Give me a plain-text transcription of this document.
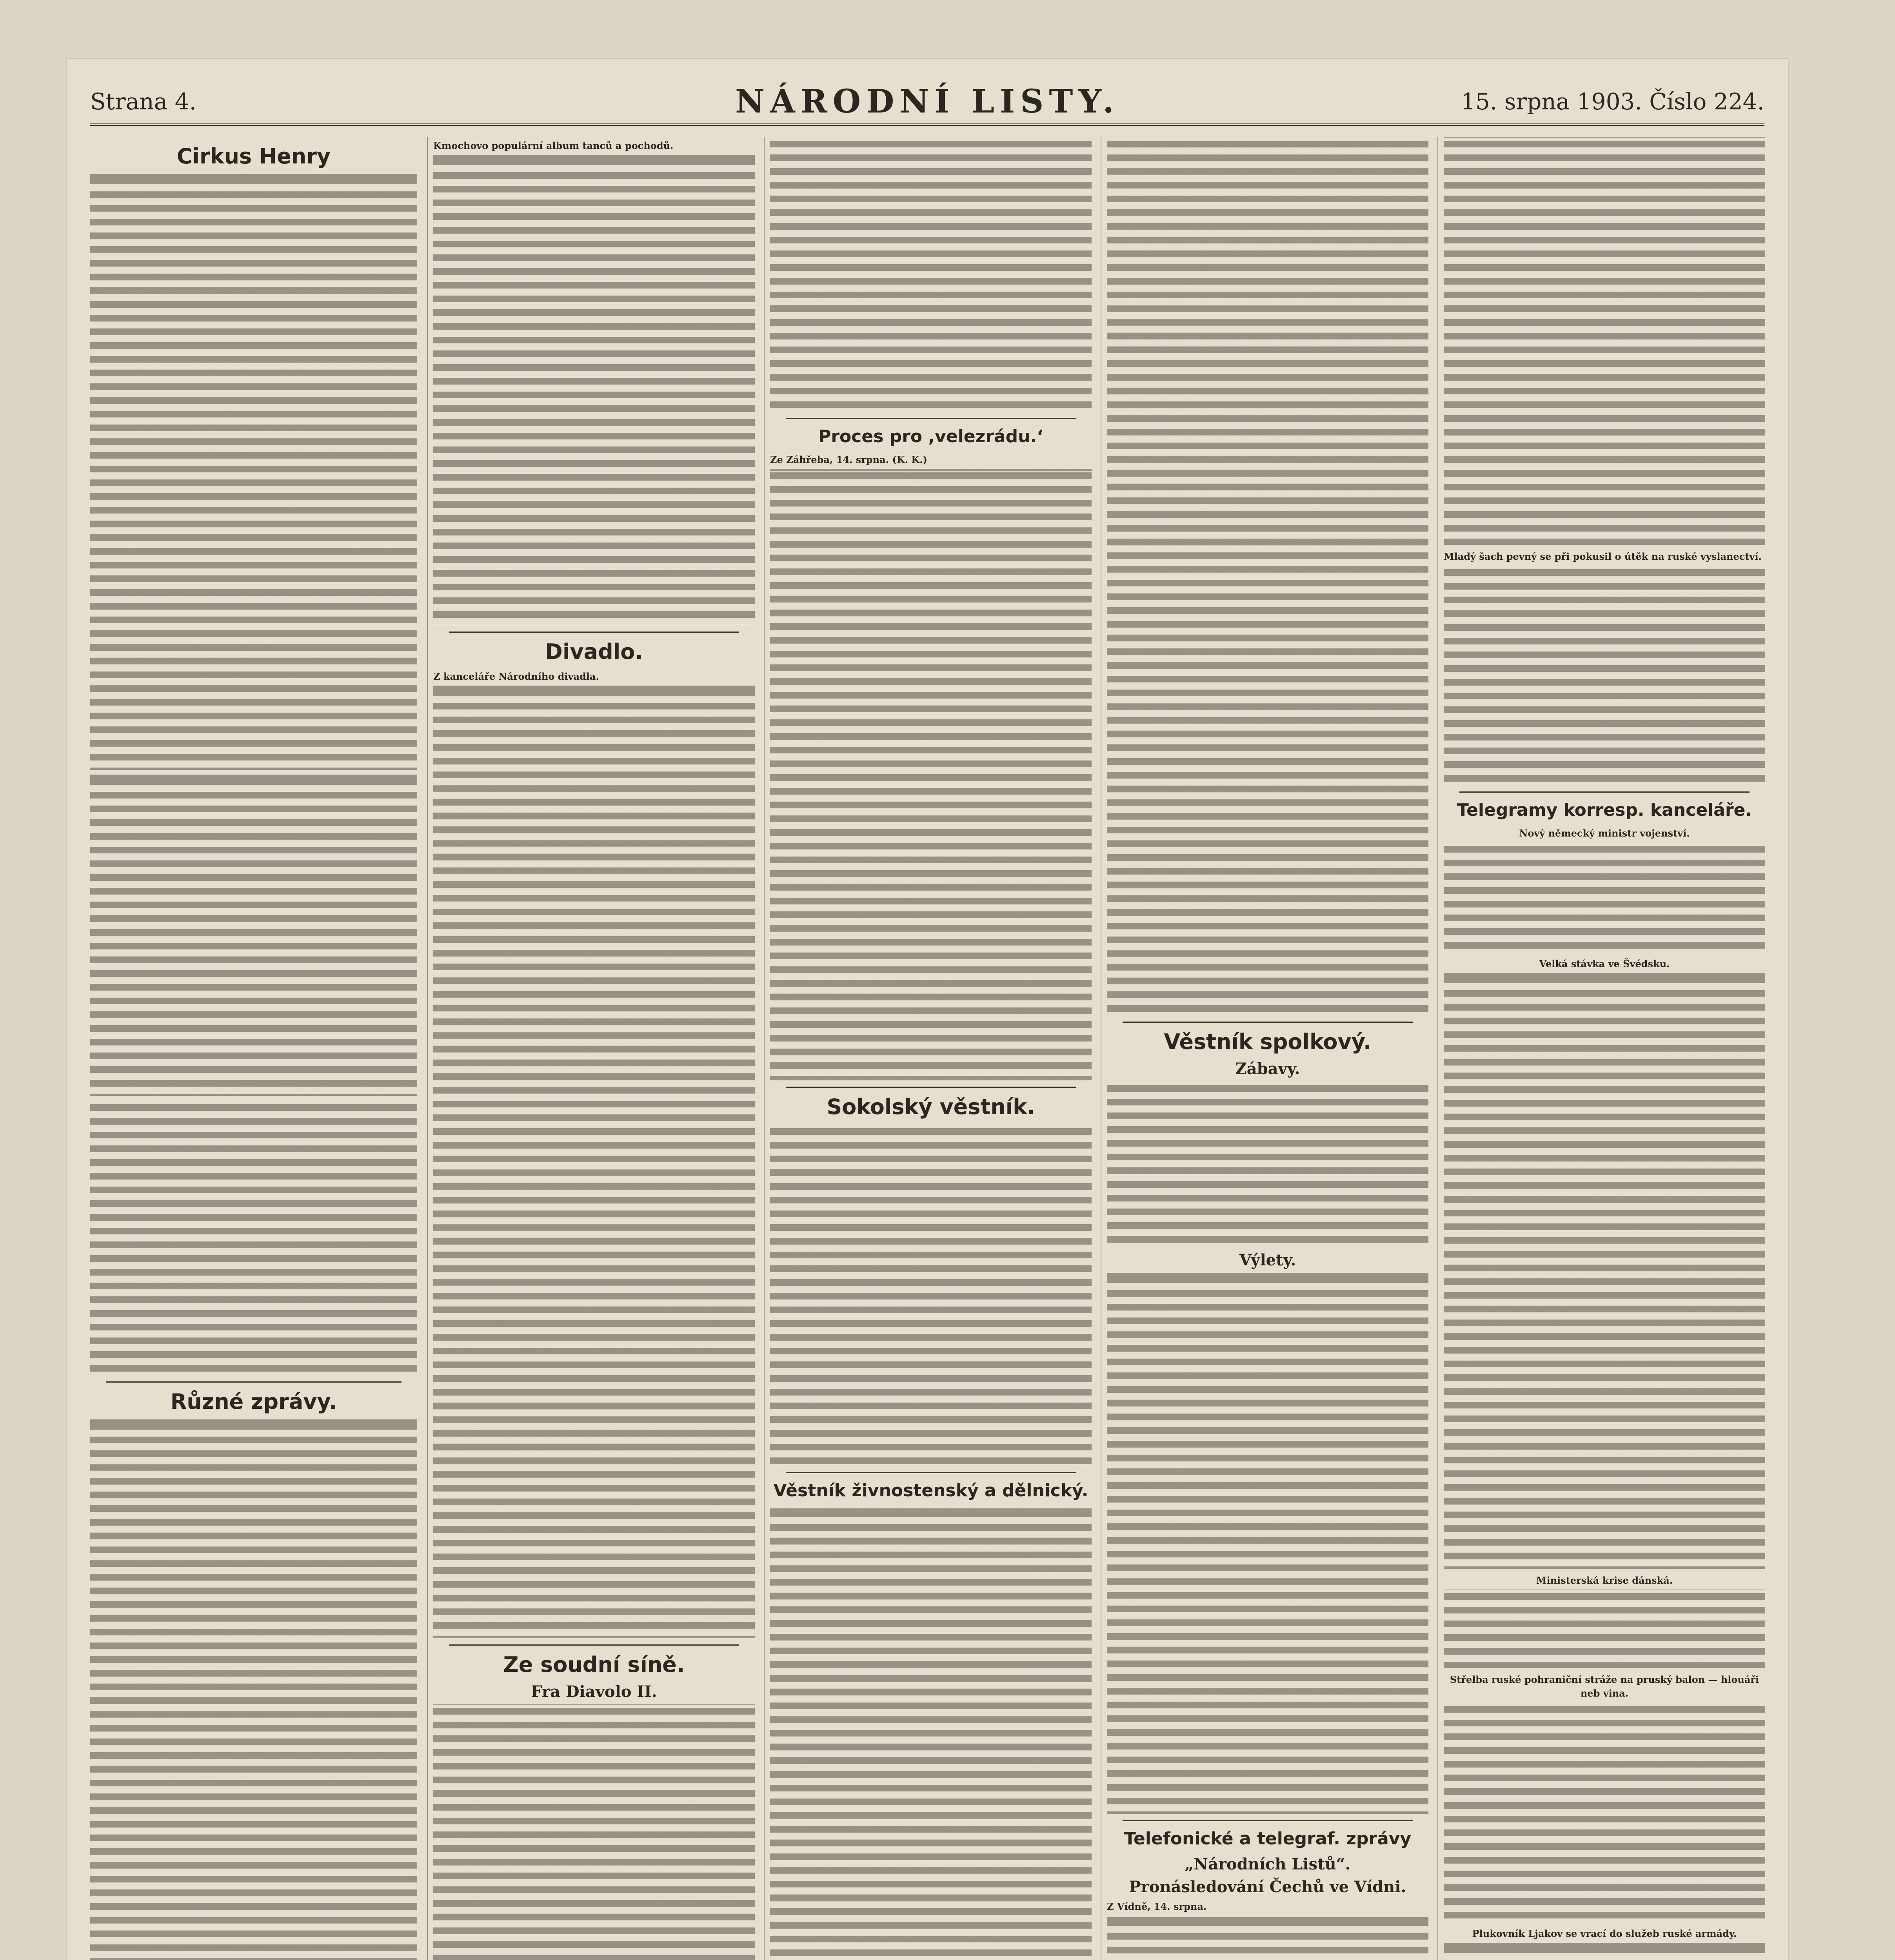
Strana 4.	NÁRODNÍ LISTY.	15. srpna 1903. Číslo 224.
Cirkus Henry

Různé zprávy.

Kmochovo populární album tanců a pochodů.

Divadlo.

Z kanceláře Národního divadla.

Ze soudní síně.
Fra Diavolo II.

Proces pro ,velezrádu.‘

Ze Záhřeba, 14. srpna. (K. K.)

Sokolský věstník.

Věstník živnostenský a dělnický.

Věstník spolkový.
Zábavy.

Výlety.

Telefonické a telegraf. zprávy
„Národních Listů“.
Pronásledování Čechů ve Vídni.

Z Vídně, 14. srpna.

Mladý šach pevný se při pokusil o útěk na ruské vyslanectví.

Telegramy korresp. kanceláře.

Nový německý ministr vojenství.

Velká stávka ve Švédsku.

Ministerská krise dánská.

Střelba ruské pohraniční stráže na pruský balon — hlouáři neb vina.

Plukovník Ljakov se vrací do služeb ruské armády.
